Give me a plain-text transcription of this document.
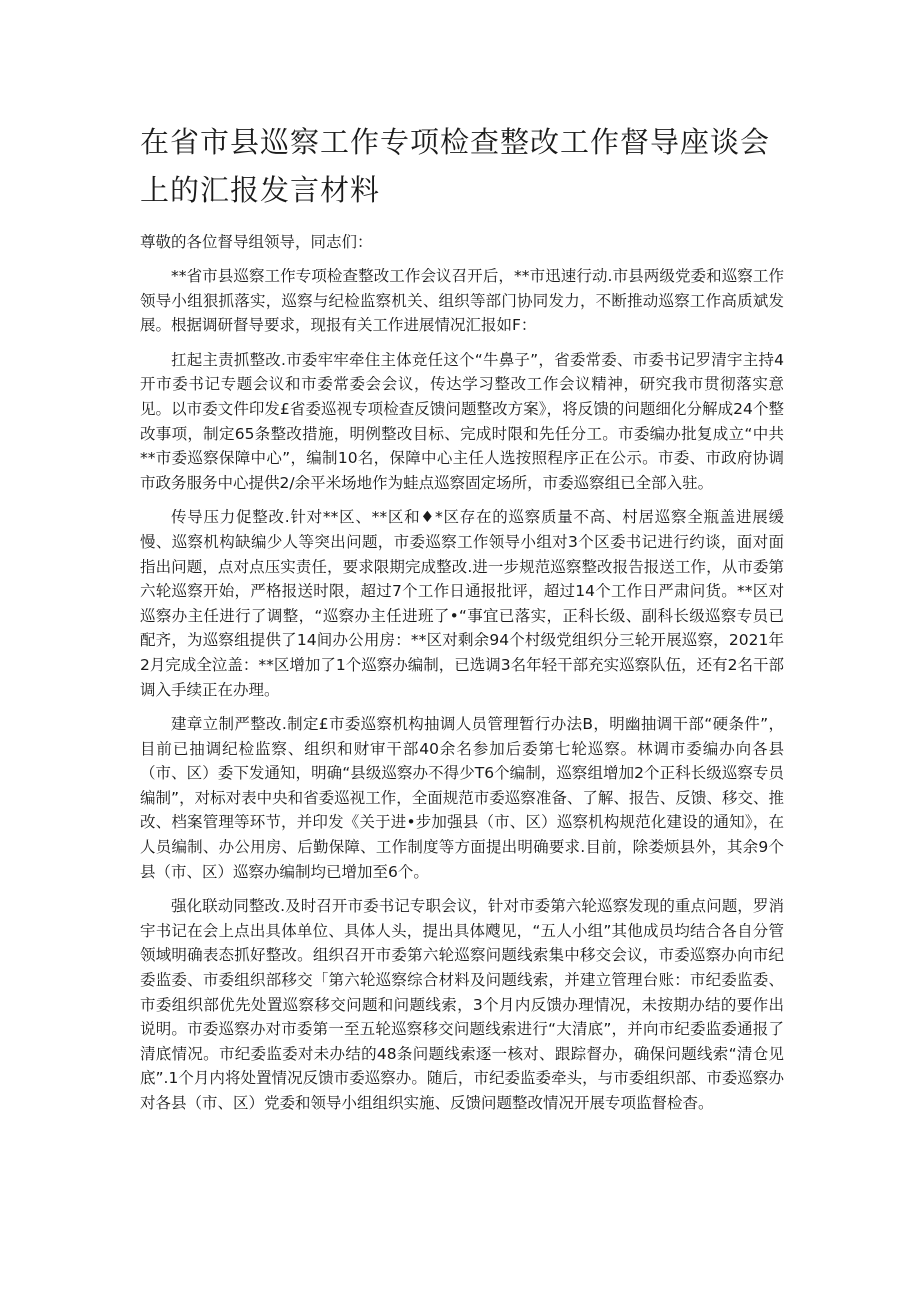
在省市县巡察工作专项检查整改工作督导座谈会上的汇报发言材料

尊敬的各位督导组领导，同志们：

**省市县巡察工作专项检查整改工作会议召开后，**市迅速行动.市县两级党委和巡察工作领导小组狠抓落实，巡察与纪检监察机关、组织等部门协同发力，不断推动巡察工作高质斌发展。根据调研督导要求，现报有关工作进展情况汇报如F：

扛起主责抓整改.市委牢牢牵住主体竞任这个“牛鼻子”，省委常委、市委书记罗清宇主持4开市委书记专题会议和市委常委会会议，传达学习整改工作会议精神，研究我市贯彻落实意见。以市委文件印发£省委巡视专项检查反馈问题整改方案》，将反馈的问题细化分解成24个整改事项，制定65条整改措施，明例整改目标、完成时限和先任分工。市委编办批复成立“中共**市委巡察保障中心”，编制10名，保障中心主任人选按照程序正在公示。市委、市政府协调市政务服务中心提供2/余平米场地作为蛙点巡察固定场所，市委巡察组已全部入驻。

传导压力促整改.针对**区、**区和♦*区存在的巡察质量不高、村居巡察全瓶盖进展缓慢、巡察机构缺编少人等突出问题，市委巡察工作领导小组对3个区委书记进行约谈，面对面指出问题，点对点压实责任，要求限期完成整改.进一步规范巡察整改报告报送工作，从市委第六轮巡察开始，严格报送时限，超过7个工作日通报批评，超过14个工作日严肃问货。**区对巡察办主任进行了调整，“巡察办主任进班了•“事宜已落实，正科长级、副科长级巡察专员已配齐，为巡察组提供了14间办公用房：**区对剩余94个村级党组织分三轮开展巡察，2021年2月完成全泣盖：**区增加了1个巡察办编制，已选调3名年轻干部充实巡察队伍，还有2名干部调入手续正在办理。

建章立制严整改.制定£市委巡察机构抽调人员管理暂行办法B，明幽抽调干部“硬条件”，目前已抽调纪检监察、组织和财审干部40余名参加后委第七轮巡察。林调市委编办向各县（市、区）委下发通知，明确“县级巡察办不得少T6个编制，巡察组增加2个正科长级巡察专员编制”，对标对表中央和省委巡视工作，全面规范市委巡察准备、了解、报告、反馈、移交、推改、档案管理等环节，并印发《关于进•步加强县（市、区）巡察机构规范化建设的通知》，在人员编制、办公用房、后勤保障、工作制度等方面提出明确要求.目前，除娄烦县外，其余9个县（市、区）巡察办编制均已增加至6个。

强化联动同整改.及时召开市委书记专职会议，针对市委第六轮巡察发现的重点问题，罗消宇书记在会上点出具体单位、具体人头，提出具体飕见，“五人小组”其他成员均结合各自分管领域明确表态抓好整改。组织召开市委第六轮巡察问题线索集中移交会议，市委巡察办向市纪委监委、市委组织部移交「第六轮巡察综合材料及问题线索，并建立管理台账：市纪委监委、市委组织部优先处置巡察移交问题和问题线索，3个月内反馈办理情况，未按期办结的要作出说明。市委巡察办对市委第一至五轮巡察移交问题线索进行“大清底”，并向市纪委监委通报了清底情况。市纪委监委对未办结的48条问题线索逐一核对、跟踪督办，确保问题线索“清仓见底”.1个月内将处置情况反馈市委巡察办。随后，市纪委监委牵头，与市委组织部、市委巡察办对各县（市、区）党委和领导小组组织实施、反馈问题整改情况开展专项监督检杳。
